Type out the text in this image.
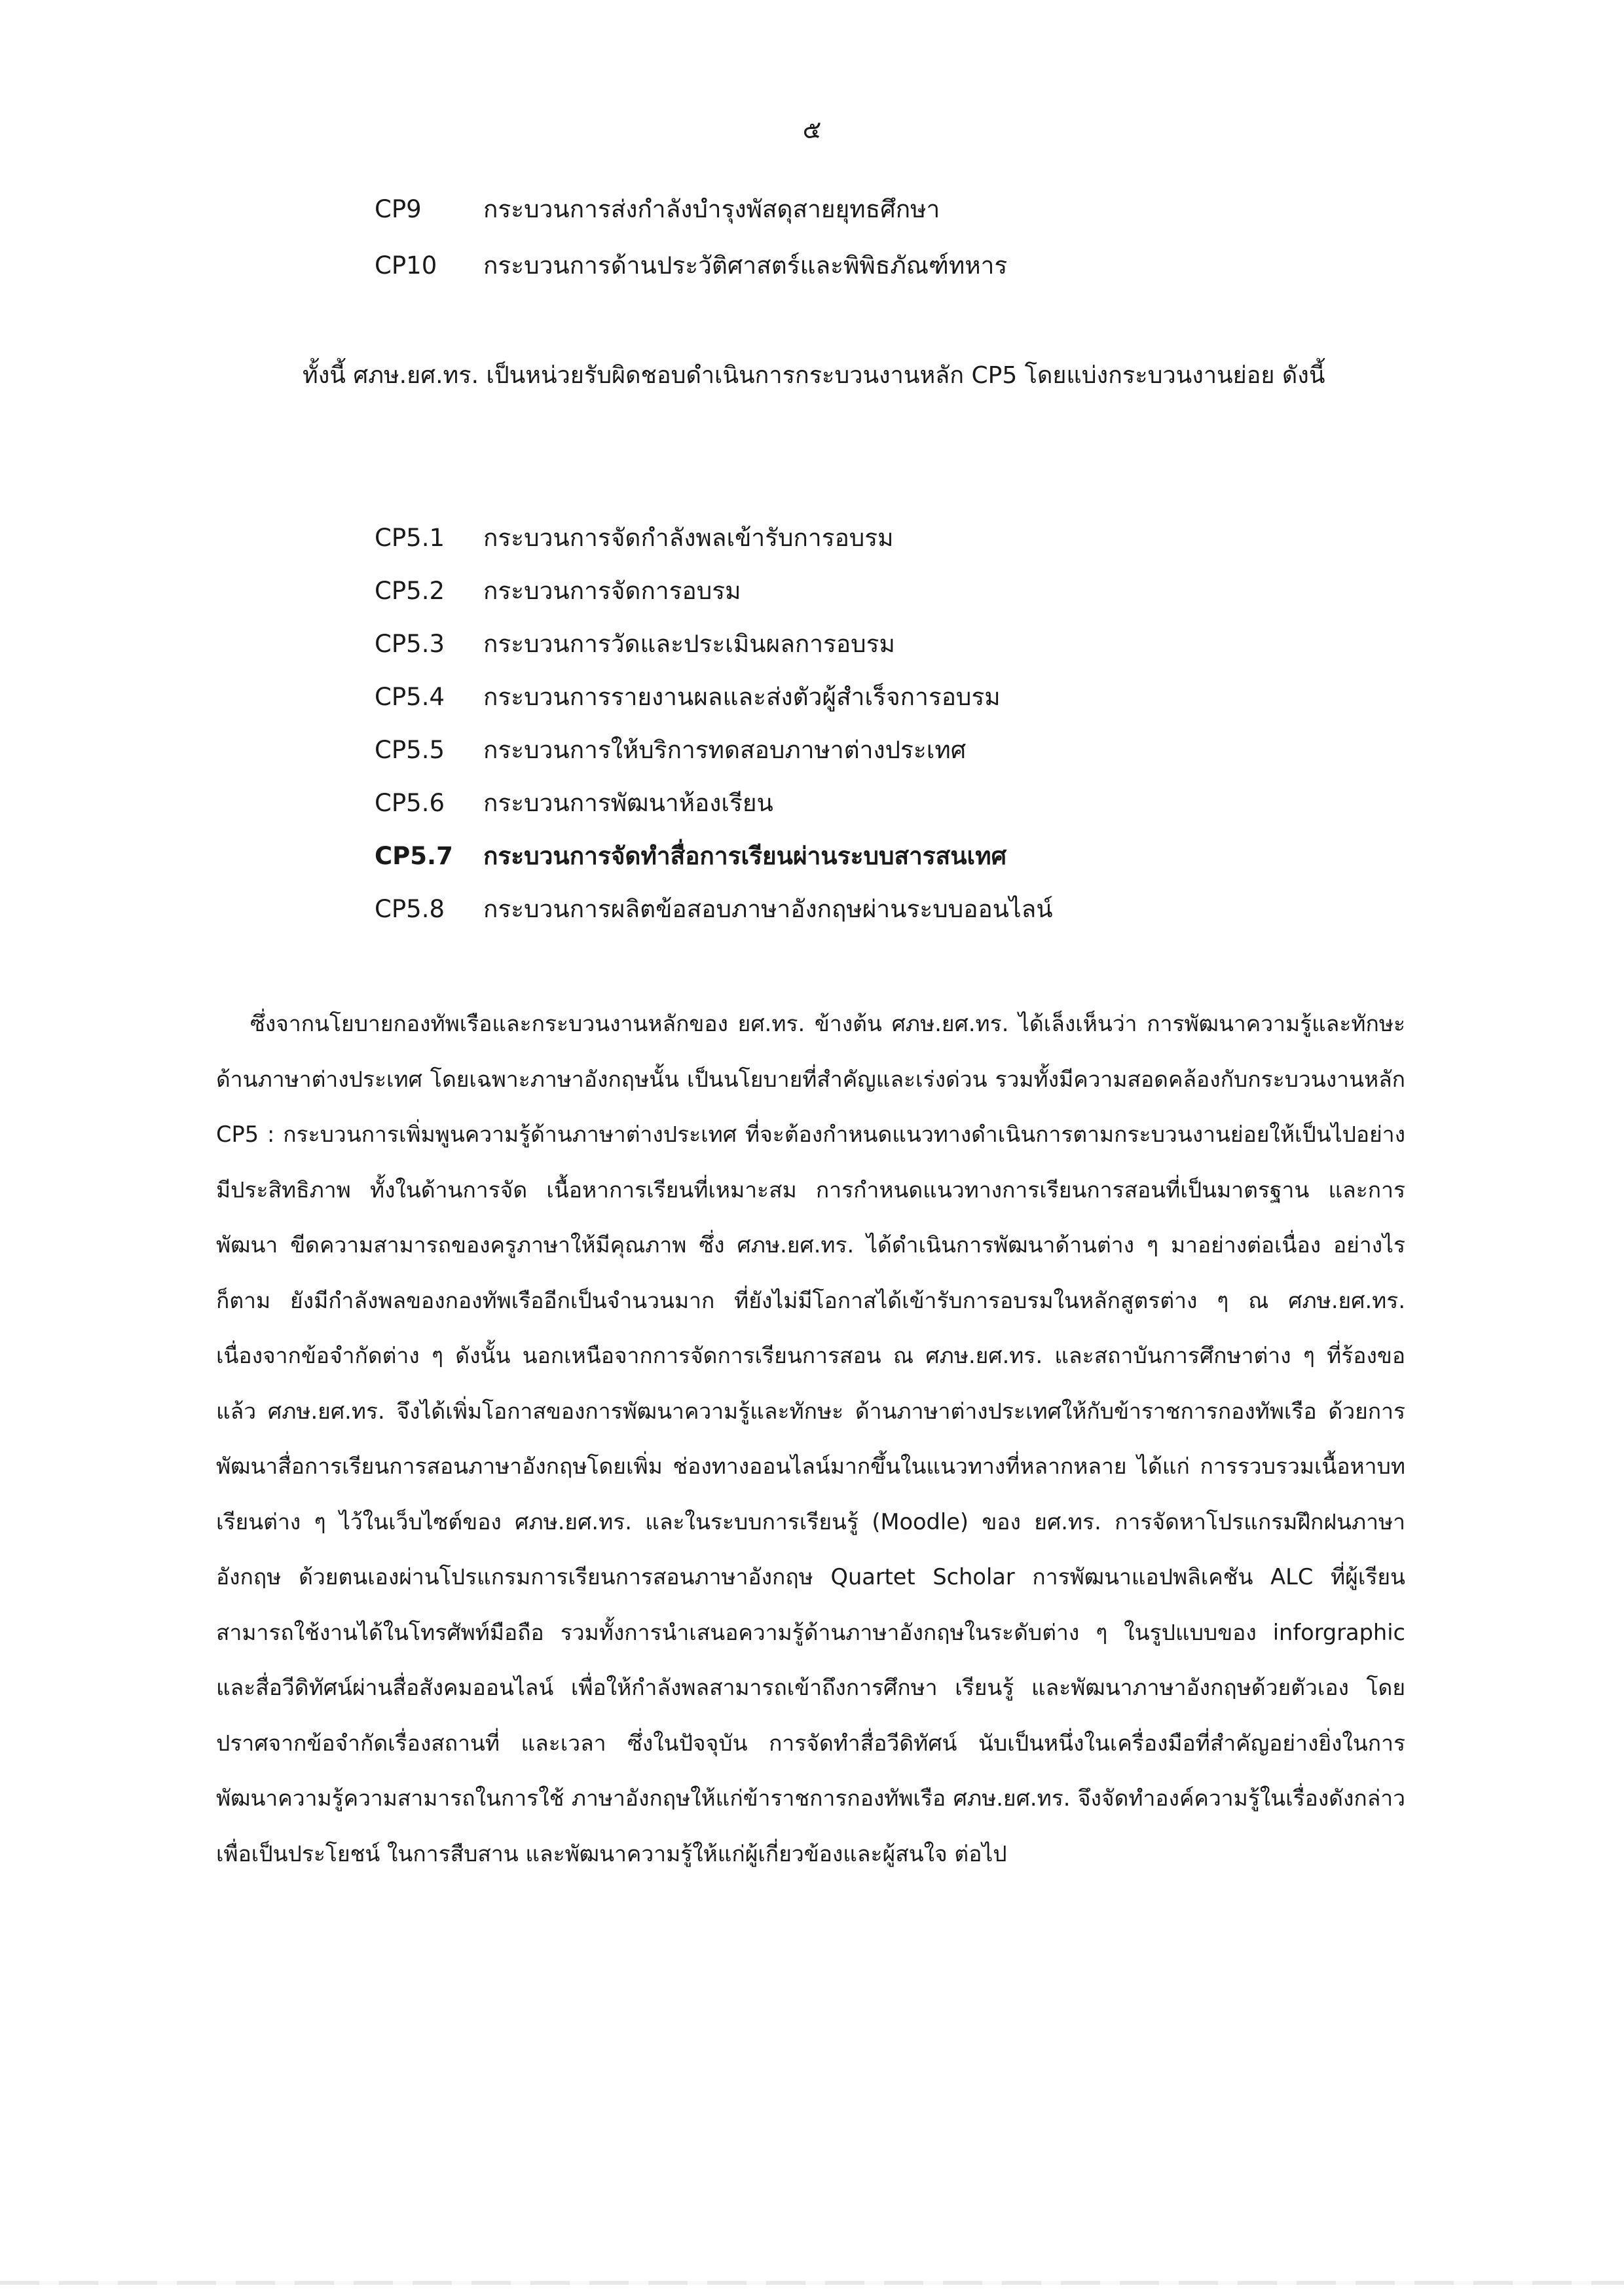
๕
CP9	กระบวนการส่งกำลังบำรุงพัสดุสายยุทธศึกษา
CP10	กระบวนการด้านประวัติศาสตร์และพิพิธภัณฑ์ทหาร

ทั้งนี้ ศภษ.ยศ.ทร. เป็นหน่วยรับผิดชอบดำเนินการกระบวนงานหลัก CP5 โดยแบ่งกระบวนงานย่อย ดังนี้

CP5.1	กระบวนการจัดกำลังพลเข้ารับการอบรม
CP5.2	กระบวนการจัดการอบรม
CP5.3	กระบวนการวัดและประเมินผลการอบรม
CP5.4	กระบวนการรายงานผลและส่งตัวผู้สำเร็จการอบรม
CP5.5	กระบวนการให้บริการทดสอบภาษาต่างประเทศ
CP5.6	กระบวนการพัฒนาห้องเรียน
CP5.7	กระบวนการจัดทำสื่อการเรียนผ่านระบบสารสนเทศ
CP5.8	กระบวนการผลิตข้อสอบภาษาอังกฤษผ่านระบบออนไลน์

ซึ่งจากนโยบายกองทัพเรือและกระบวนงานหลักของ ยศ.ทร. ข้างต้น ศภษ.ยศ.ทร. ได้เล็งเห็นว่า การพัฒนาความรู้และทักษะด้านภาษาต่างประเทศ โดยเฉพาะภาษาอังกฤษนั้น เป็นนโยบายที่สำคัญและเร่งด่วน รวมทั้งมีความสอดคล้องกับกระบวนงานหลัก CP5 : กระบวนการเพิ่มพูนความรู้ด้านภาษาต่างประเทศ ที่จะต้องกำหนดแนวทางดำเนินการตามกระบวนงานย่อยให้เป็นไปอย่างมีประสิทธิภาพ ทั้งในด้านการจัด เนื้อหาการเรียนที่เหมาะสม การกำหนดแนวทางการเรียนการสอนที่เป็นมาตรฐาน และการพัฒนา ขีดความสามารถของครูภาษาให้มีคุณภาพ ซึ่ง ศภษ.ยศ.ทร. ได้ดำเนินการพัฒนาด้านต่าง ๆ มาอย่างต่อเนื่อง อย่างไรก็ตาม ยังมีกำลังพลของกองทัพเรืออีกเป็นจำนวนมาก ที่ยังไม่มีโอกาสได้เข้ารับการอบรมในหลักสูตรต่าง ๆ ณ ศภษ.ยศ.ทร. เนื่องจากข้อจำกัดต่าง ๆ ดังนั้น นอกเหนือจากการจัดการเรียนการสอน ณ ศภษ.ยศ.ทร. และสถาบันการศึกษาต่าง ๆ ที่ร้องขอแล้ว ศภษ.ยศ.ทร. จึงได้เพิ่มโอกาสของการพัฒนาความรู้และทักษะ ด้านภาษาต่างประเทศให้กับข้าราชการกองทัพเรือ ด้วยการพัฒนาสื่อการเรียนการสอนภาษาอังกฤษโดยเพิ่ม ช่องทางออนไลน์มากขึ้นในแนวทางที่หลากหลาย ได้แก่ การรวบรวมเนื้อหาบทเรียนต่าง ๆ ไว้ในเว็บไซต์ของ ศภษ.ยศ.ทร. และในระบบการเรียนรู้ (Moodle) ของ ยศ.ทร. การจัดหาโปรแกรมฝึกฝนภาษาอังกฤษ ด้วยตนเองผ่านโปรแกรมการเรียนการสอนภาษาอังกฤษ Quartet Scholar การพัฒนาแอปพลิเคชัน ALC ที่ผู้เรียนสามารถใช้งานได้ในโทรศัพท์มือถือ รวมทั้งการนำเสนอความรู้ด้านภาษาอังกฤษในระดับต่าง ๆ ในรูปแบบของ inforgraphic และสื่อวีดิทัศน์ผ่านสื่อสังคมออนไลน์ เพื่อให้กำลังพลสามารถเข้าถึงการศึกษา เรียนรู้ และพัฒนาภาษาอังกฤษด้วยตัวเอง โดยปราศจากข้อจำกัดเรื่องสถานที่ และเวลา ซึ่งในปัจจุบัน การจัดทำสื่อวีดิทัศน์ นับเป็นหนึ่งในเครื่องมือที่สำคัญอย่างยิ่งในการพัฒนาความรู้ความสามารถในการใช้ ภาษาอังกฤษให้แก่ข้าราชการกองทัพเรือ ศภษ.ยศ.ทร. จึงจัดทำองค์ความรู้ในเรื่องดังกล่าว เพื่อเป็นประโยชน์ ในการสืบสาน และพัฒนาความรู้ให้แก่ผู้เกี่ยวข้องและผู้สนใจ ต่อไป
